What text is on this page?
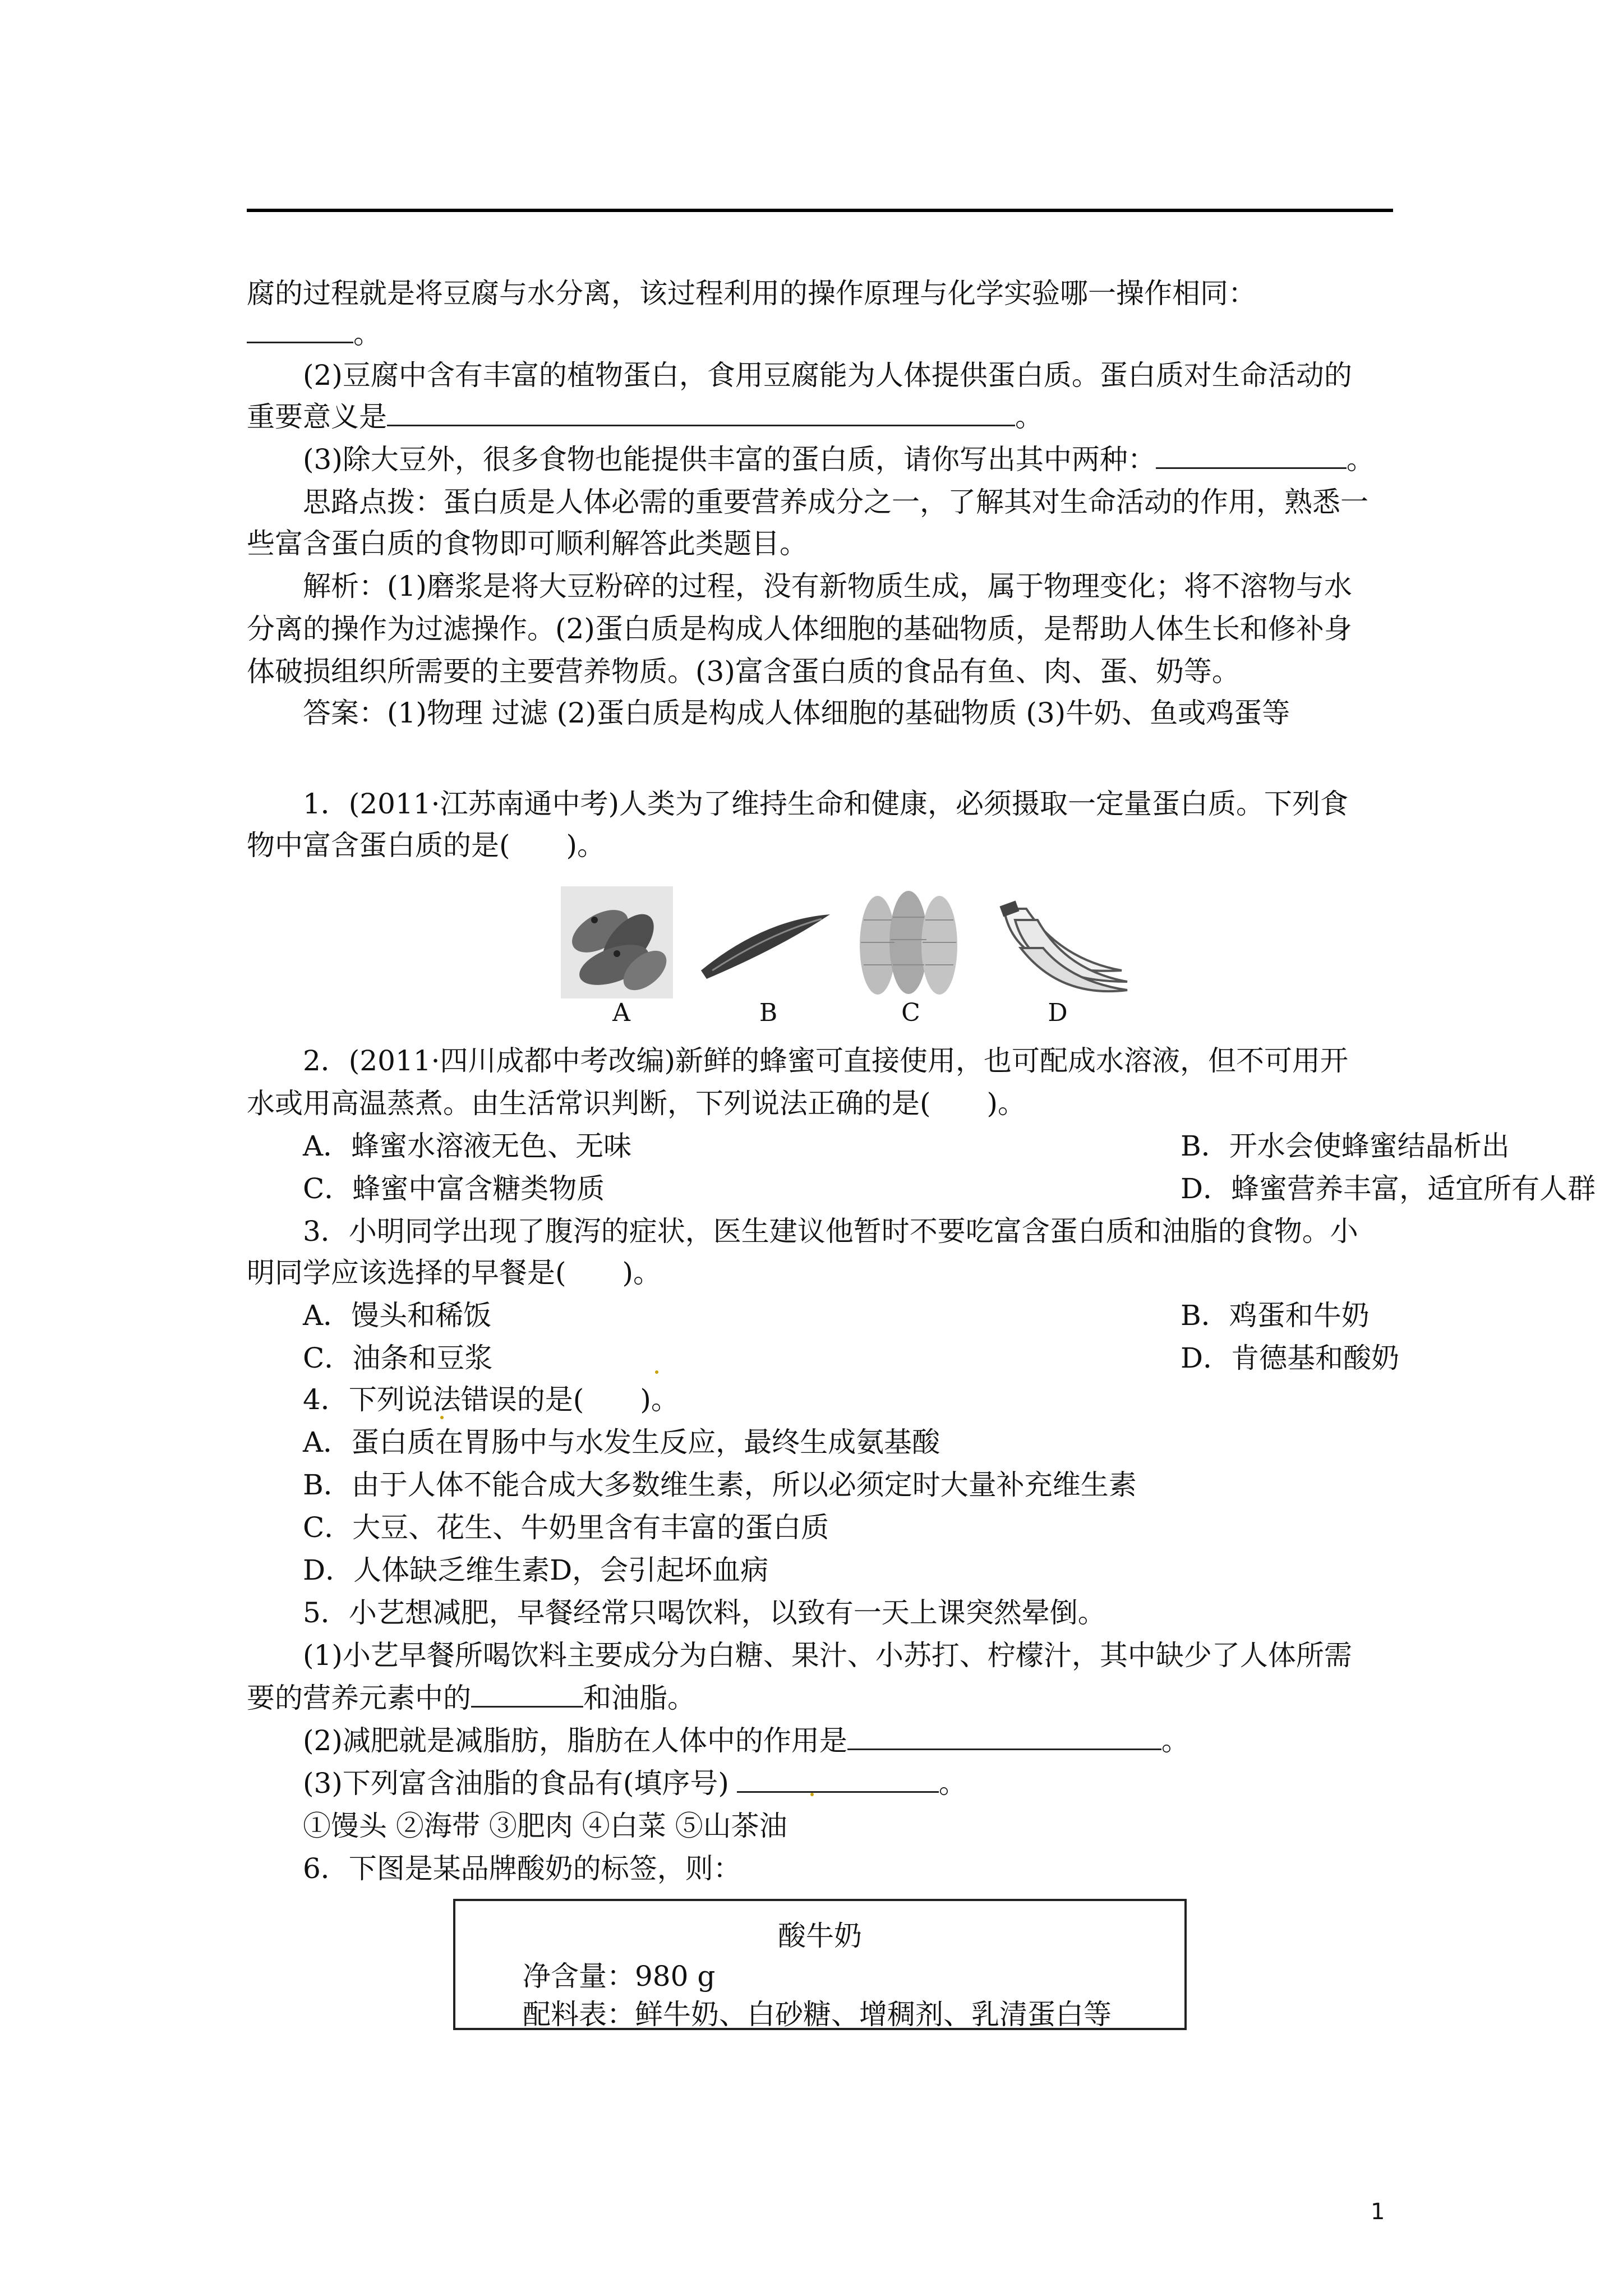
腐的过程就是将豆腐与水分离，该过程利用的操作原理与化学实验哪一操作相同：
。
(2)豆腐中含有丰富的植物蛋白，食用豆腐能为人体提供蛋白质。蛋白质对生命活动的
重要意义是	。
(3)除大豆外，很多食物也能提供丰富的蛋白质，请你写出其中两种：	。
思路点拨：蛋白质是人体必需的重要营养成分之一，了解其对生命活动的作用，熟悉一
些富含蛋白质的食物即可顺利解答此类题目。
解析：(1)磨浆是将大豆粉碎的过程，没有新物质生成，属于物理变化；将不溶物与水
分离的操作为过滤操作。(2)蛋白质是构成人体细胞的基础物质，是帮助人体生长和修补身
体破损组织所需要的主要营养物质。(3)富含蛋白质的食品有鱼、肉、蛋、奶等。
答案：(1)物理 过滤 (2)蛋白质是构成人体细胞的基础物质 (3)牛奶、鱼或鸡蛋等
1．(2011·江苏南通中考)人类为了维持生命和健康，必须摄取一定量蛋白质。下列食
物中富含蛋白质的是(　　)。
A	B	C	D
2．(2011·四川成都中考改编)新鲜的蜂蜜可直接使用，也可配成水溶液，但不可用开
水或用高温蒸煮。由生活常识判断，下列说法正确的是(　　)。
A．蜂蜜水溶液无色、无味	B．开水会使蜂蜜结晶析出
C．蜂蜜中富含糖类物质	D．蜂蜜营养丰富，适宜所有人群
3．小明同学出现了腹泻的症状，医生建议他暂时不要吃富含蛋白质和油脂的食物。小
明同学应该选择的早餐是(　　)。
A．馒头和稀饭	B．鸡蛋和牛奶
C．油条和豆浆	D．肯德基和酸奶
4．下列说法错误的是(　　)。
A．蛋白质在胃肠中与水发生反应，最终生成氨基酸
B．由于人体不能合成大多数维生素，所以必须定时大量补充维生素
C．大豆、花生、牛奶里含有丰富的蛋白质
D．人体缺乏维生素D，会引起坏血病
5．小艺想减肥，早餐经常只喝饮料，以致有一天上课突然晕倒。
(1)小艺早餐所喝饮料主要成分为白糖、果汁、小苏打、柠檬汁，其中缺少了人体所需
要的营养元素中的	和油脂。
(2)减肥就是减脂肪，脂肪在人体中的作用是	。
(3)下列富含油脂的食品有(填序号)	。
①馒头 ②海带 ③肥肉 ④白菜 ⑤山茶油
6．下图是某品牌酸奶的标签，则：
酸牛奶
净含量：980 g
配料表：鲜牛奶、白砂糖、增稠剂、乳清蛋白等
1
